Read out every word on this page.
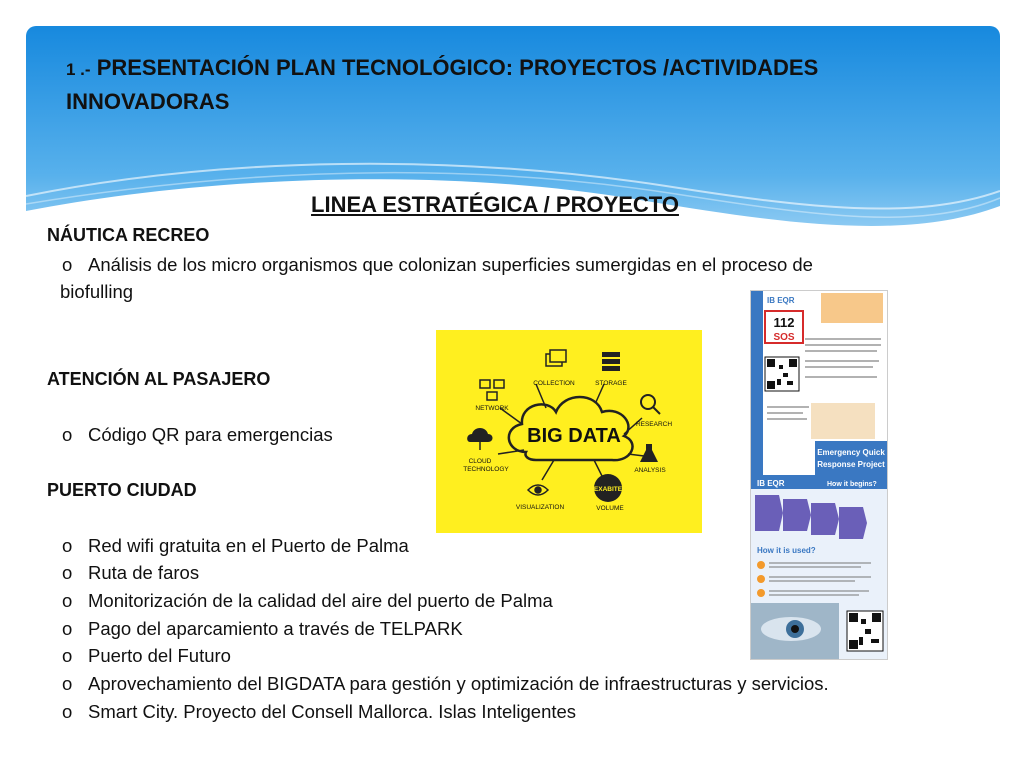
1 .- PRESENTACIÓN PLAN TECNOLÓGICO: PROYECTOS /ACTIVIDADES INNOVADORAS
LINEA ESTRATÉGICA / PROYECTO
NÁUTICA RECREO
o Análisis de los micro organismos que colonizan superficies sumergidas en el proceso de
biofulling
ATENCIÓN AL PASAJERO
o Código QR para emergencias
PUERTO CIUDAD
o Red wifi gratuita en el Puerto de Palma
o Ruta de faros
o Monitorización de la calidad del aire del puerto de Palma
o Pago del aparcamiento a través de TELPARK
o Puerto del Futuro
o Aprovechamiento del BIGDATA para gestión y optimización de infraestructuras y servicios.
o Smart City. Proyecto del Consell Mallorca. Islas Inteligentes
BIG DATA
COLLECTION	STORAGE
NETWORK
RESEARCH
CLOUD
TECHNOLOGY	ANALYSIS
VISUALIZATION
EXABITE
VOLUME
IB EQR
112
SOS
Emergency Quick
Response Project
IB EQR	How it begins?
How it is used?
